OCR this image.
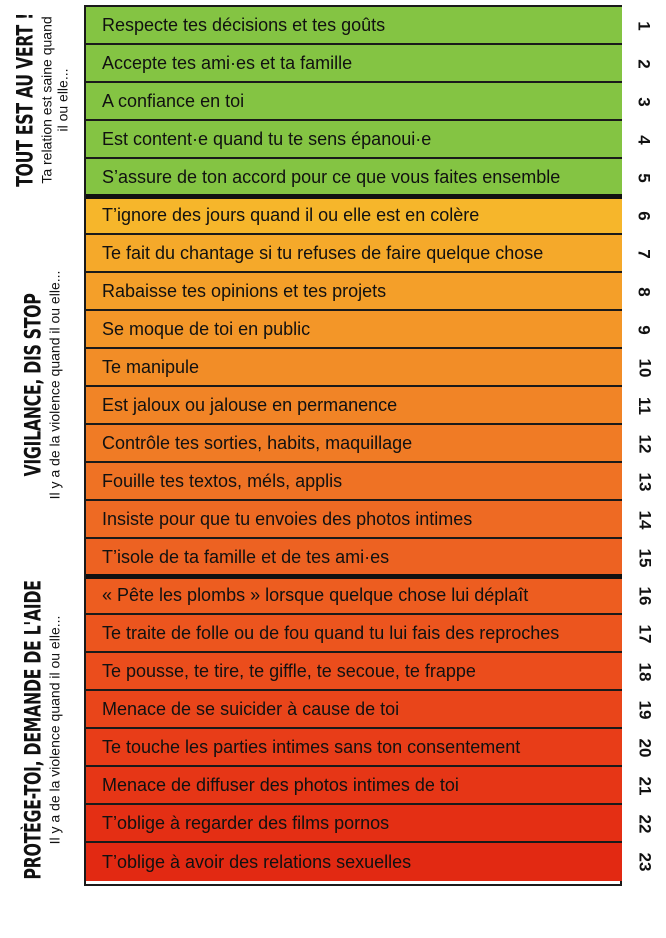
TOUT EST AU VERT ! Ta relation est saine quand il ou elle...
VIGILANCE, DIS STOP Il y a de la violence quand il ou elle...
PROTÈGE-TOI, DEMANDE DE L'AIDE Il y a de la violence quand il ou elle...
Respecte tes décisions et tes goûts
Accepte tes ami·es et ta famille
A confiance en toi
Est content·e quand tu te sens épanoui·e
S’assure de ton accord pour ce que vous faites ensemble
T’ignore des jours quand il ou elle est en colère
Te fait du chantage si tu refuses de faire quelque chose
Rabaisse tes opinions et tes projets
Se moque de toi en public
Te manipule
Est jaloux ou jalouse en permanence
Contrôle tes sorties, habits, maquillage
Fouille tes textos, méls, applis
Insiste pour que tu envoies des photos intimes
T’isole de ta famille et de tes ami·es
« Pête les plombs » lorsque quelque chose lui déplaît
Te traite de folle ou de fou quand tu lui fais des reproches
Te pousse, te tire, te giffle, te secoue, te frappe
Menace de se suicider à cause de toi
Te touche les parties intimes sans ton consentement
Menace de diffuser des photos intimes de toi
T’oblige à regarder des films pornos
T’oblige à avoir des relations sexuelles
1
2
3
4
5
6
7
8
9
10
11
12
13
14
15
16
17
18
19
20
21
22
23
